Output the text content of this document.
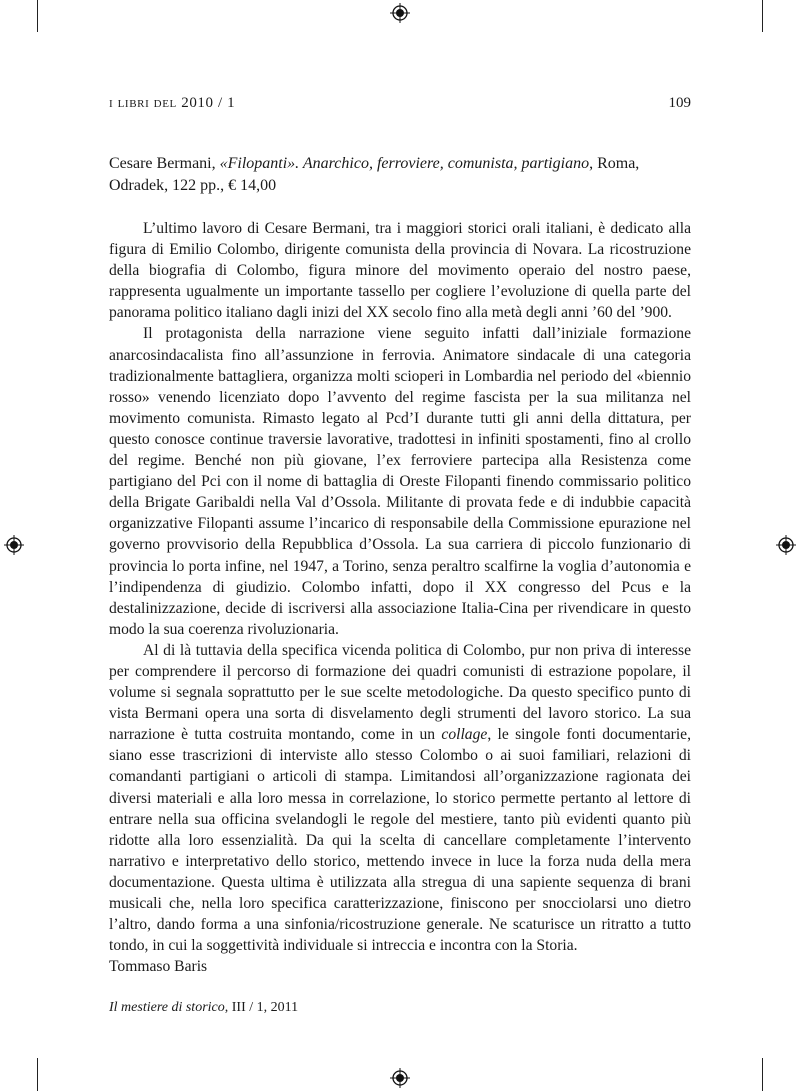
i libri del 2010 / 1	109
Cesare Bermani, «Filopanti». Anarchico, ferroviere, comunista, partigiano, Roma, Odradek, 122 pp., € 14,00

L’ultimo lavoro di Cesare Bermani, tra i maggiori storici orali italiani, è dedicato alla figura di Emilio Colombo, dirigente comunista della provincia di Novara. La ricostruzione della biografia di Colombo, figura minore del movimento operaio del nostro paese, rappresenta ugualmente un importante tassello per cogliere l’evoluzione di quella parte del panorama politico italiano dagli inizi del XX secolo fino alla metà degli anni ’60 del ’900.

Il protagonista della narrazione viene seguito infatti dall’iniziale formazione anarcosindacalista fino all’assunzione in ferrovia. Animatore sindacale di una categoria tradizionalmente battagliera, organizza molti scioperi in Lombardia nel periodo del «biennio rosso» venendo licenziato dopo l’avvento del regime fascista per la sua militanza nel movimento comunista. Rimasto legato al Pcd’I durante tutti gli anni della dittatura, per questo conosce continue traversie lavorative, tradottesi in infiniti spostamenti, fino al crollo del regime. Benché non più giovane, l’ex ferroviere partecipa alla Resistenza come partigiano del Pci con il nome di battaglia di Oreste Filopanti finendo commissario politico della Brigate Garibaldi nella Val d’Ossola. Militante di provata fede e di indubbie capacità organizzative Filopanti assume l’incarico di responsabile della Commissione epurazione nel governo provvisorio della Repubblica d’Ossola. La sua carriera di piccolo funzionario di provincia lo porta infine, nel 1947, a Torino, senza peraltro scalfirne la voglia d’autonomia e l’indipendenza di giudizio. Colombo infatti, dopo il XX congresso del Pcus e la destalinizzazione, decide di iscriversi alla associazione Italia-Cina per rivendicare in questo modo la sua coerenza rivoluzionaria.

Al di là tuttavia della specifica vicenda politica di Colombo, pur non priva di interesse per comprendere il percorso di formazione dei quadri comunisti di estrazione popolare, il volume si segnala soprattutto per le sue scelte metodologiche. Da questo specifico punto di vista Bermani opera una sorta di disvelamento degli strumenti del lavoro storico. La sua narrazione è tutta costruita montando, come in un collage, le singole fonti documentarie, siano esse trascrizioni di interviste allo stesso Colombo o ai suoi familiari, relazioni di comandanti partigiani o articoli di stampa. Limitandosi all’organizzazione ragionata dei diversi materiali e alla loro messa in correlazione, lo storico permette pertanto al lettore di entrare nella sua officina svelandogli le regole del mestiere, tanto più evidenti quanto più ridotte alla loro essenzialità. Da qui la scelta di cancellare completamente l’intervento narrativo e interpretativo dello storico, mettendo invece in luce la forza nuda della mera documentazione. Questa ultima è utilizzata alla stregua di una sapiente sequenza di brani musicali che, nella loro specifica caratterizzazione, finiscono per snocciolarsi uno dietro l’altro, dando forma a una sinfonia/ricostruzione generale. Ne scaturisce un ritratto a tutto tondo, in cui la soggettività individuale si intreccia e incontra con la Storia.

Tommaso Baris

Il mestiere di storico, III / 1, 2011
